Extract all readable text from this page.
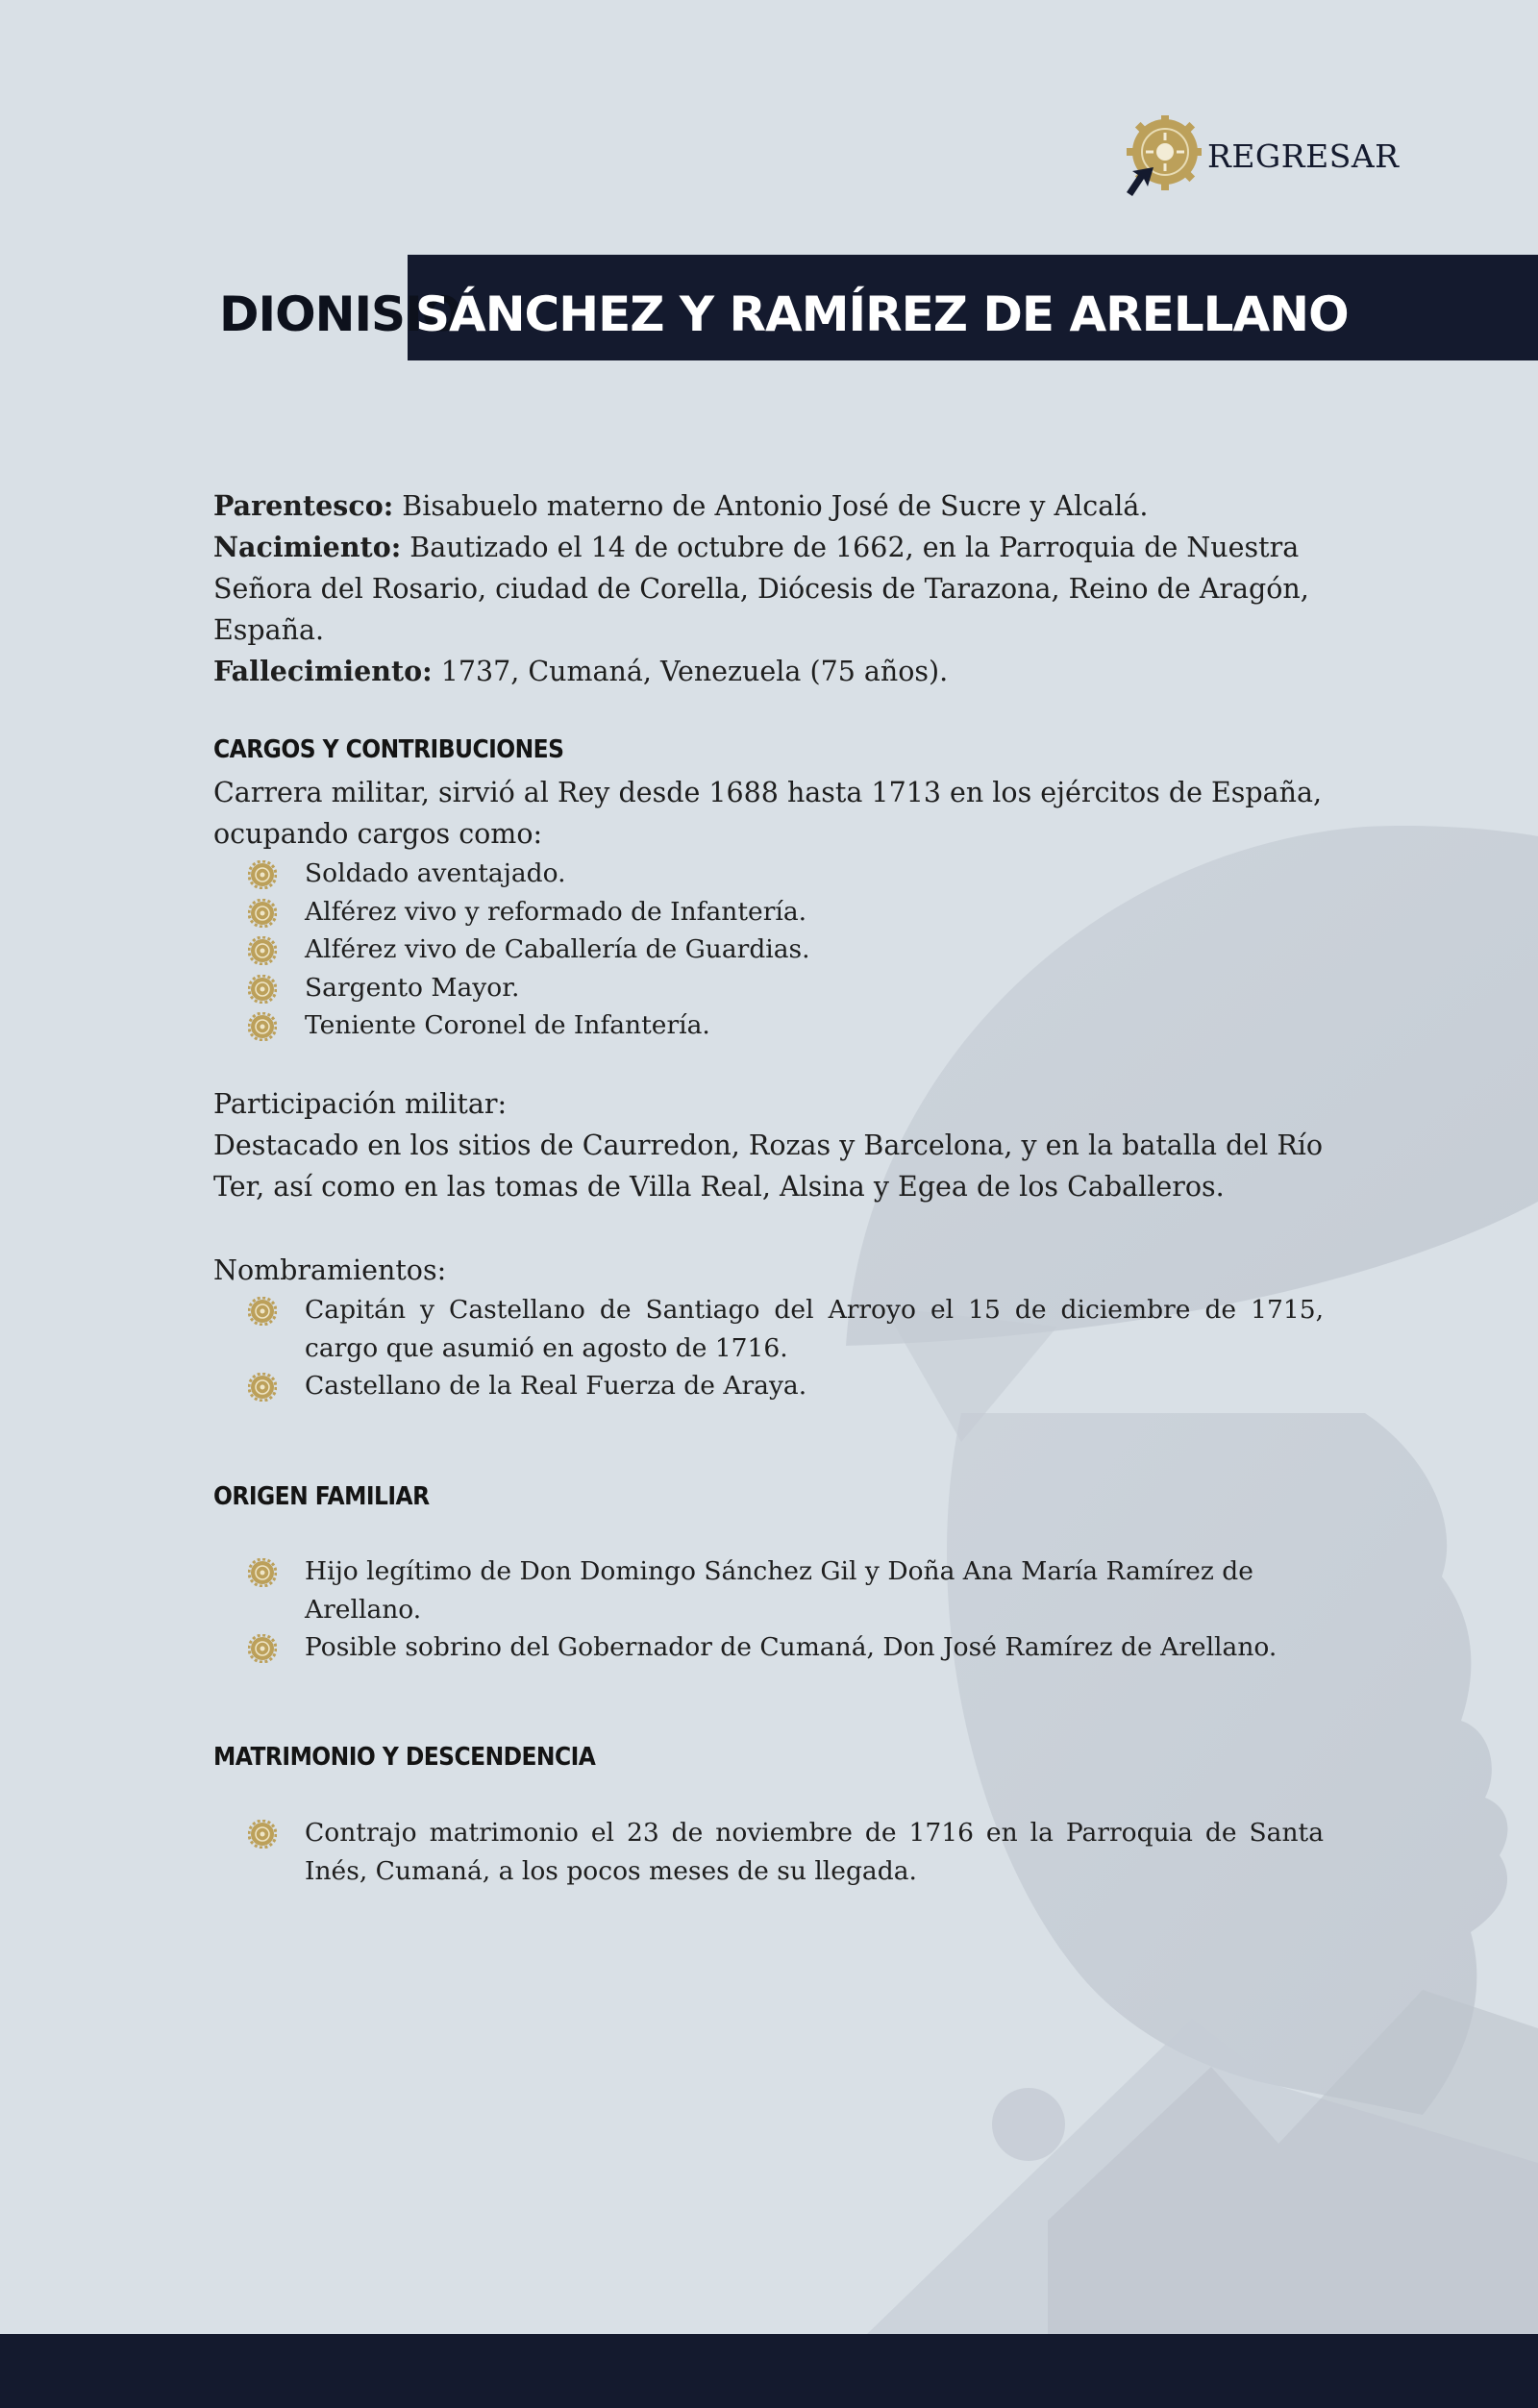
REGRESAR
DIONISIO
SÁNCHEZ Y RAMÍREZ DE ARELLANO

Parentesco: Bisabuelo materno de Antonio José de Sucre y Alcalá.

Nacimiento: Bautizado el 14 de octubre de 1662, en la Parroquia de Nuestra Señora del Rosario, ciudad de Corella, Diócesis de Tarazona, Reino de Aragón, España.

Fallecimiento: 1737, Cumaná, Venezuela (75 años).

CARGOS Y CONTRIBUCIONES

Carrera militar, sirvió al Rey desde 1688 hasta 1713 en los ejércitos de España, ocupando cargos como:

Soldado aventajado.
Alférez vivo y reformado de Infantería.
Alférez vivo de Caballería de Guardias.
Sargento Mayor.
Teniente Coronel de Infantería.

Participación militar:

Destacado en los sitios de Caurredon, Rozas y Barcelona, y en la batalla del Río Ter, así como en las tomas de Villa Real, Alsina y Egea de los Caballeros.

Nombramientos:

Capitán y Castellano de Santiago del Arroyo el 15 de diciembre de 1715, cargo que asumió en agosto de 1716.
Castellano de la Real Fuerza de Araya.
ORIGEN FAMILIAR
Hijo legítimo de Don Domingo Sánchez Gil y Doña Ana María Ramírez de Arellano.
Posible sobrino del Gobernador de Cumaná, Don José Ramírez de Arellano.
MATRIMONIO Y DESCENDENCIA
Contrajo matrimonio el 23 de noviembre de 1716 en la Parroquia de Santa Inés, Cumaná, a los pocos meses de su llegada.
